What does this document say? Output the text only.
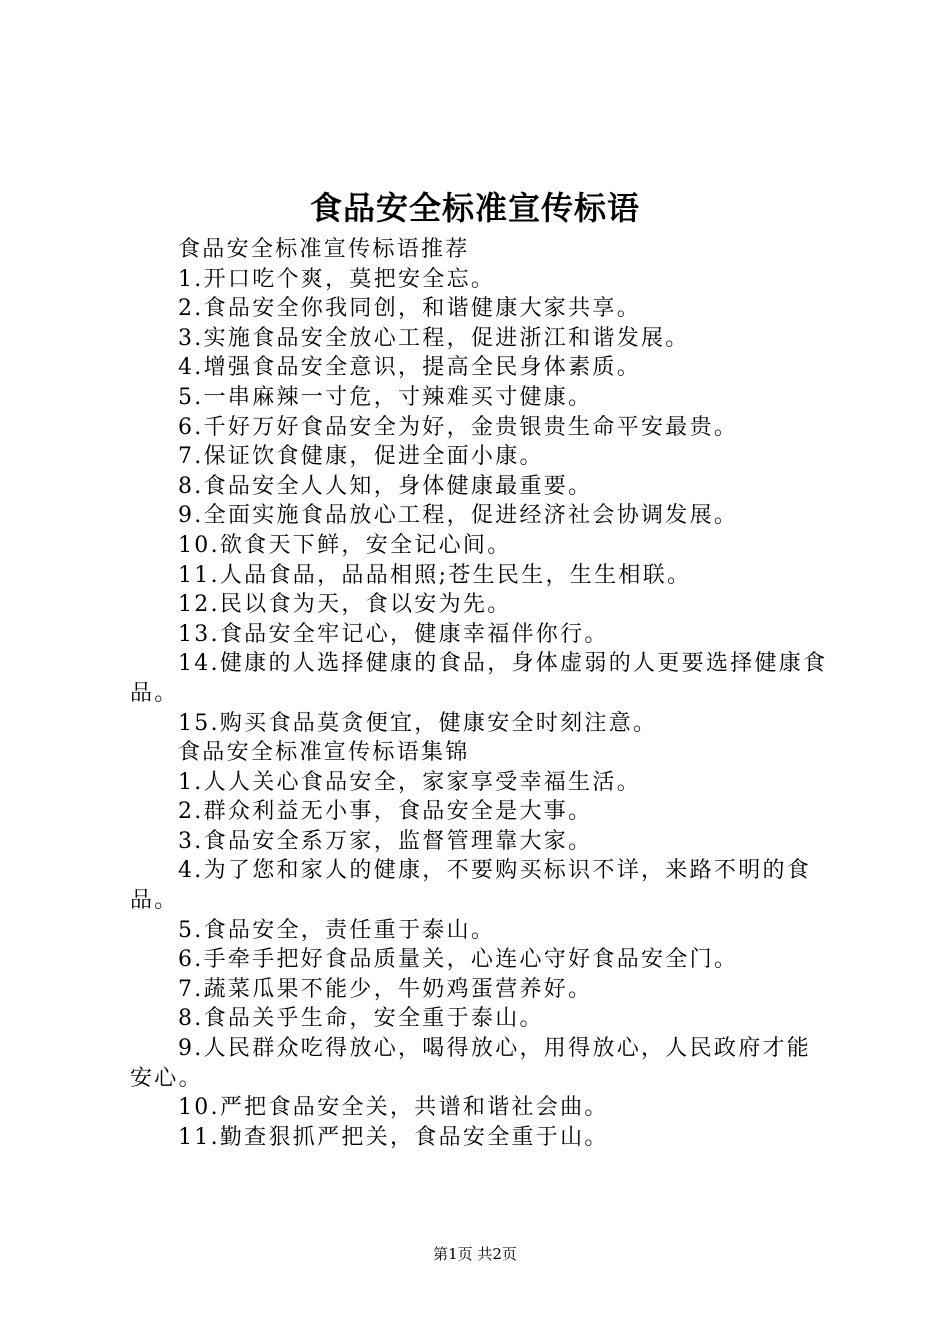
食品安全标准宣传标语

食品安全标准宣传标语推荐

1.开口吃个爽，莫把安全忘。

2.食品安全你我同创，和谐健康大家共享。

3.实施食品安全放心工程，促进浙江和谐发展。

4.增强食品安全意识，提高全民身体素质。

5.一串麻辣一寸危，寸辣难买寸健康。

6.千好万好食品安全为好，金贵银贵生命平安最贵。

7.保证饮食健康，促进全面小康。

8.食品安全人人知，身体健康最重要。

9.全面实施食品放心工程，促进经济社会协调发展。

10.欲食天下鲜，安全记心间。

11.人品食品，品品相照;苍生民生，生生相联。

12.民以食为天，食以安为先。

13.食品安全牢记心，健康幸福伴你行。

14.健康的人选择健康的食品，身体虚弱的人更要选择健康食品。

15.购买食品莫贪便宜，健康安全时刻注意。

食品安全标准宣传标语集锦

1.人人关心食品安全，家家享受幸福生活。

2.群众利益无小事，食品安全是大事。

3.食品安全系万家，监督管理靠大家。

4.为了您和家人的健康，不要购买标识不详，来路不明的食品。

5.食品安全，责任重于泰山。

6.手牵手把好食品质量关，心连心守好食品安全门。

7.蔬菜瓜果不能少，牛奶鸡蛋营养好。

8.食品关乎生命，安全重于泰山。

9.人民群众吃得放心，喝得放心，用得放心，人民政府才能安心。

10.严把食品安全关，共谱和谐社会曲。

11.勤查狠抓严把关，食品安全重于山。

第1页 共2页
